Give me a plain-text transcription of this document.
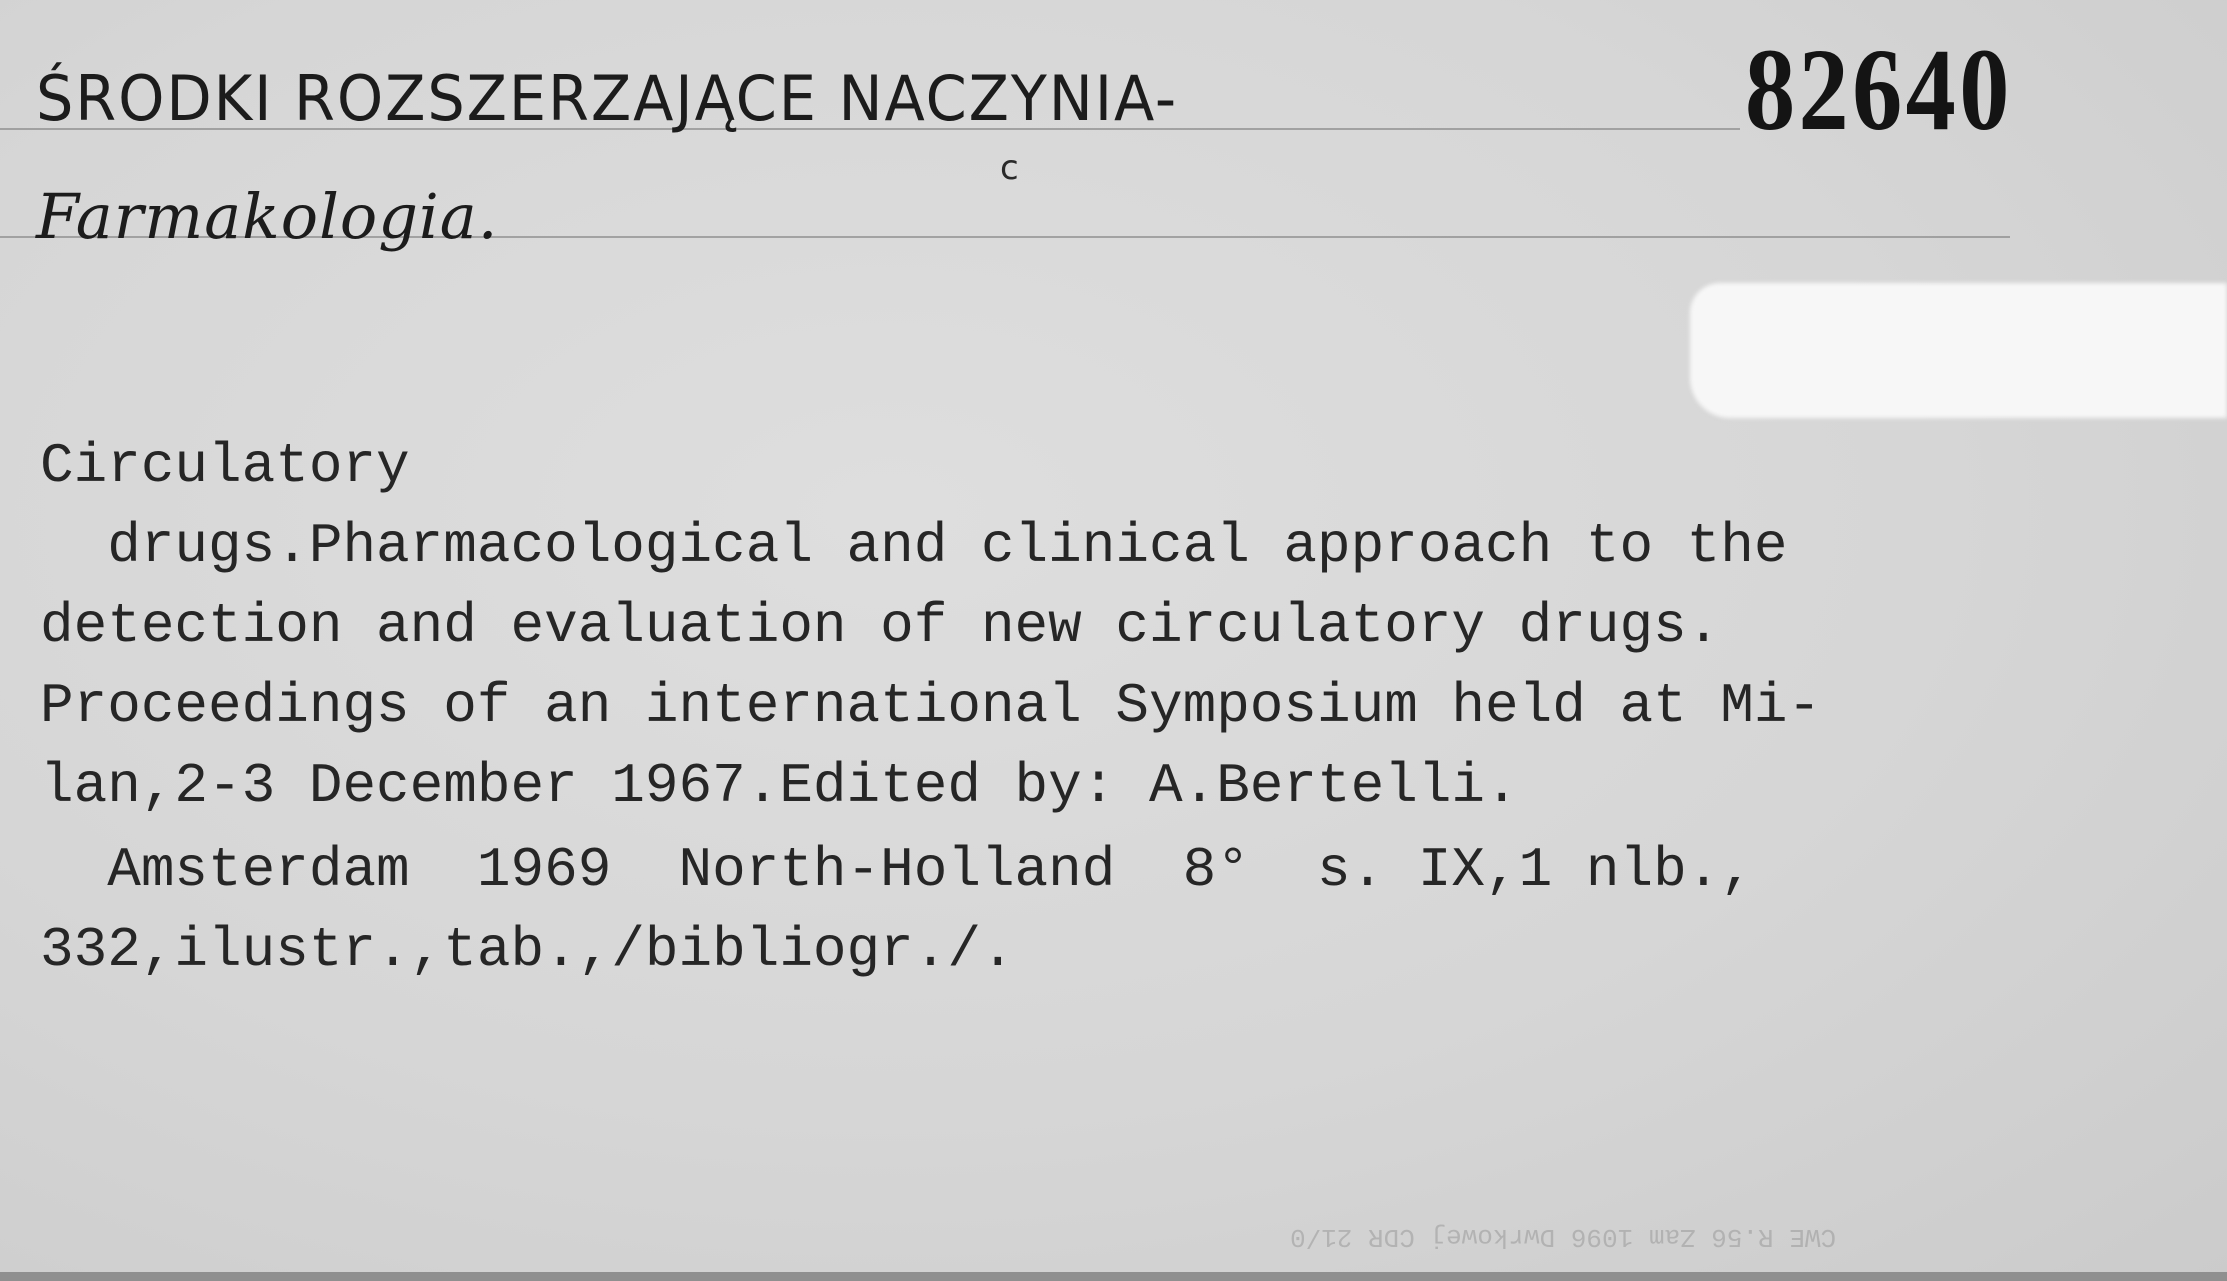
ŚRODKI ROZSZERZAJĄCE NACZYNIA-
c
82640
Farmakologia.
Circulatory
drugs.Pharmacological and clinical approach to the
detection and evaluation of new circulatory drugs.
Proceedings of an international Symposium held at Mi-
lan,2-3 December 1967.Edited by: A.Bertelli.
Amsterdam  1969  North-Holland  8°  s. IX,1 nlb.,
332,ilustr.,tab.,/bibliogr./.
CWE R.56 Zam 1096 Dwrkowej CDR 21/0
